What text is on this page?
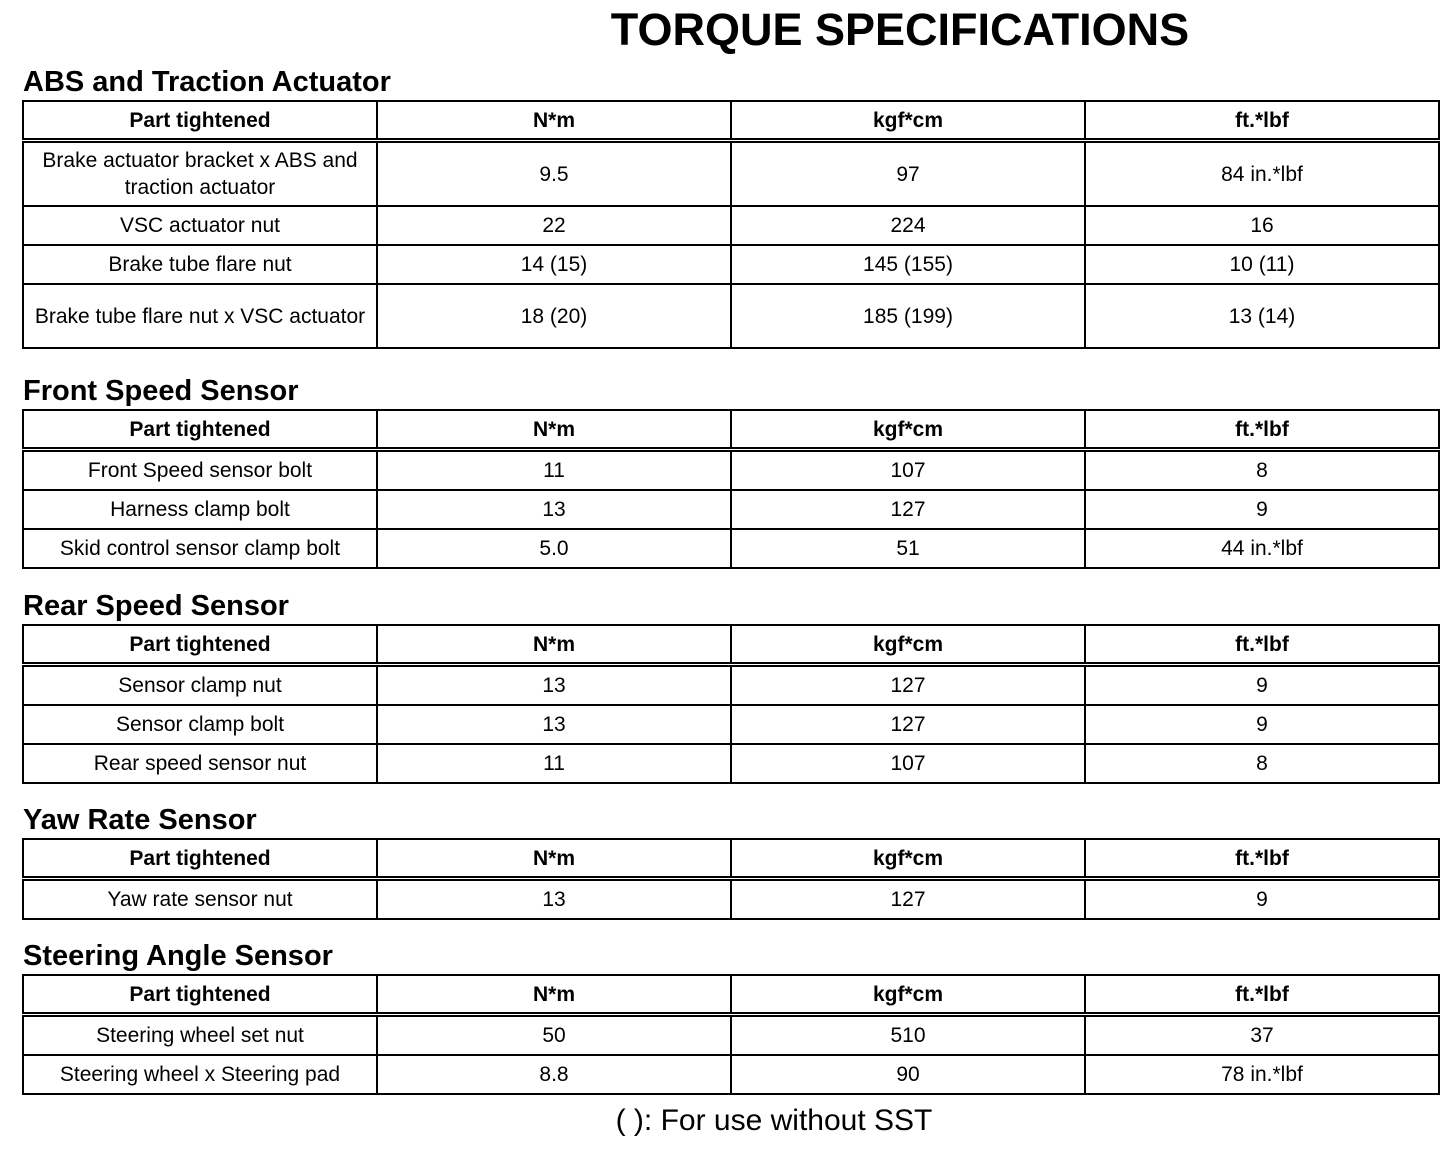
TORQUE SPECIFICATIONS
ABS and Traction Actuator
Part tightened	N*m	kgf*cm	ft.*lbf
Brake actuator bracket x ABS and traction actuator	9.5	97	84 in.*lbf
VSC actuator nut	22	224	16
Brake tube flare nut	14 (15)	145 (155)	10 (11)
Brake tube flare nut x VSC actuator	18 (20)	185 (199)	13 (14)
Front Speed Sensor
Part tightened	N*m	kgf*cm	ft.*lbf
Front Speed sensor bolt	11	107	8
Harness clamp bolt	13	127	9
Skid control sensor clamp bolt	5.0	51	44 in.*lbf
Rear Speed Sensor
Part tightened	N*m	kgf*cm	ft.*lbf
Sensor clamp nut	13	127	9
Sensor clamp bolt	13	127	9
Rear speed sensor nut	11	107	8
Yaw Rate Sensor
Part tightened	N*m	kgf*cm	ft.*lbf
Yaw rate sensor nut	13	127	9
Steering Angle Sensor
Part tightened	N*m	kgf*cm	ft.*lbf
Steering wheel set nut	50	510	37
Steering wheel x Steering pad	8.8	90	78 in.*lbf
( ): For use without SST
